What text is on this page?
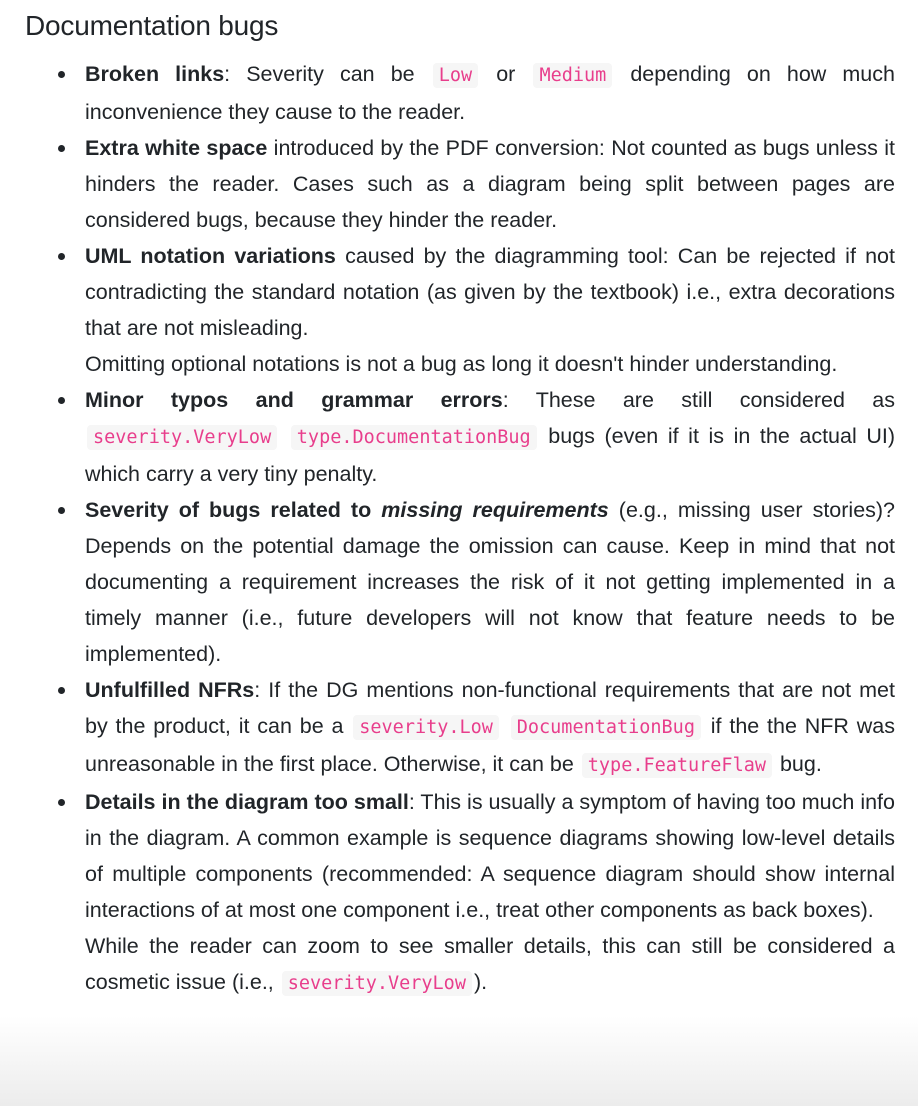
Documentation bugs

Broken links: Severity can be Low or Medium depending on how much inconvenience they cause to the reader.

Extra white space introduced by the PDF conversion: Not counted as bugs unless it hinders the reader. Cases such as a diagram being split between pages are considered bugs, because they hinder the reader.

UML notation variations caused by the diagramming tool: Can be rejected if not contradicting the standard notation (as given by the textbook) i.e., extra decorations that are not misleading.

Omitting optional notations is not a bug as long it doesn't hinder understanding.

Minor typos and grammar errors: These are still considered as severity.VeryLow type.DocumentationBug bugs (even if it is in the actual UI) which carry a very tiny penalty.

Severity of bugs related to missing requirements (e.g., missing user stories)? Depends on the potential damage the omission can cause. Keep in mind that not documenting a requirement increases the risk of it not getting implemented in a timely manner (i.e., future developers will not know that feature needs to be implemented).

Unfulfilled NFRs: If the DG mentions non-functional requirements that are not met by the product, it can be a severity.Low DocumentationBug if the the NFR was unreasonable in the first place. Otherwise, it can be type.FeatureFlaw bug.

Details in the diagram too small: This is usually a symptom of having too much info in the diagram. A common example is sequence diagrams showing low-level details of multiple components (recommended: A sequence diagram should show internal interactions of at most one component i.e., treat other components as back boxes).

While the reader can zoom to see smaller details, this can still be considered a cosmetic issue (i.e., severity.VeryLow ).
